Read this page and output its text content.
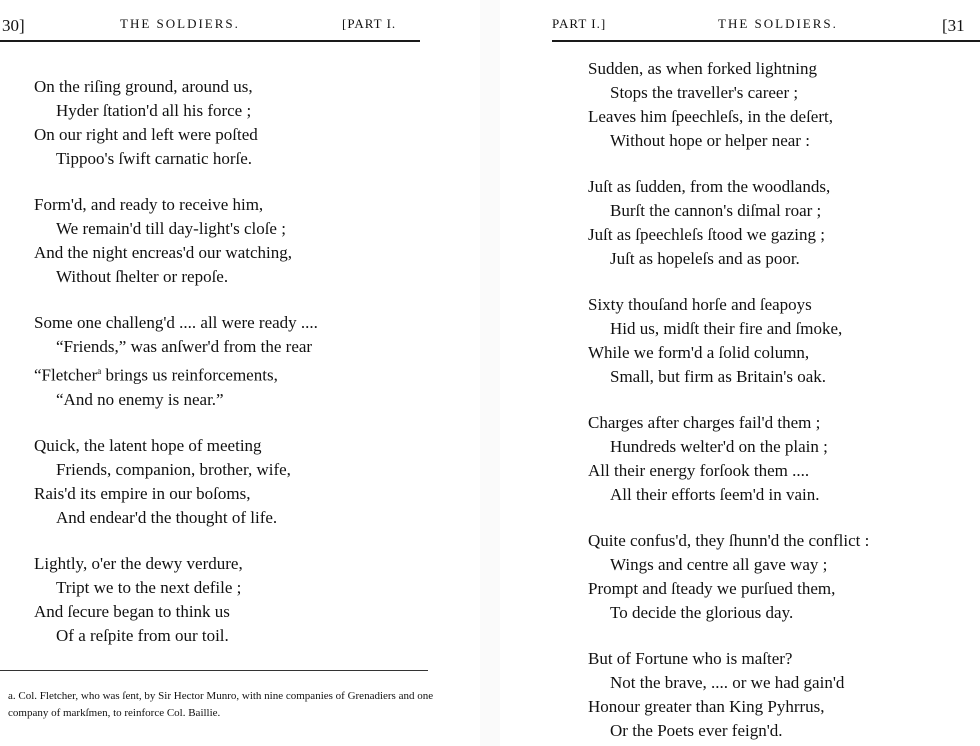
30]	THE SOLDIERS.	[PART I.
On the riſing ground, around us,
Hyder ſtation'd all his force ;
On our right and left were poſted
Tippoo's ſwift carnatic horſe.
Form'd, and ready to receive him,
We remain'd till day-light's cloſe ;
And the night encreas'd our watching,
Without ſhelter or repoſe.
Some one challeng'd .... all were ready ....
“Friends,” was anſwer'd from the rear
“Fletcher$^a$ brings us reinforcements,
“And no enemy is near.”
Quick, the latent hope of meeting
Friends, companion, brother, wife,
Rais'd its empire in our boſoms,
And endear'd the thought of life.
Lightly, o'er the dewy verdure,
Tript we to the next defile ;
And ſecure began to think us
Of a reſpite from our toil.
a. Col. Fletcher, who was ſent, by Sir Hector Munro, with nine companies of Grenadiers and one company of markſmen, to reinforce Col. Baillie.
PART I.]	THE SOLDIERS.	[31
Sudden, as when forked lightning
Stops the traveller's career ;
Leaves him ſpeechleſs, in the deſert,
Without hope or helper near :
Juſt as ſudden, from the woodlands,
Burſt the cannon's diſmal roar ;
Juſt as ſpeechleſs ſtood we gazing ;
Juſt as hopeleſs and as poor.
Sixty thouſand horſe and ſeapoys
Hid us, midſt their fire and ſmoke,
While we form'd a ſolid column,
Small, but firm as Britain's oak.
Charges after charges fail'd them ;
Hundreds welter'd on the plain ;
All their energy forſook them ....
All their efforts ſeem'd in vain.
Quite confus'd, they ſhunn'd the conflict :
Wings and centre all gave way ;
Prompt and ſteady we purſued them,
To decide the glorious day.
But of Fortune who is maſter?
Not the brave, .... or we had gain'd
Honour greater than King Pyhrrus,
Or the Poets ever feign'd.
